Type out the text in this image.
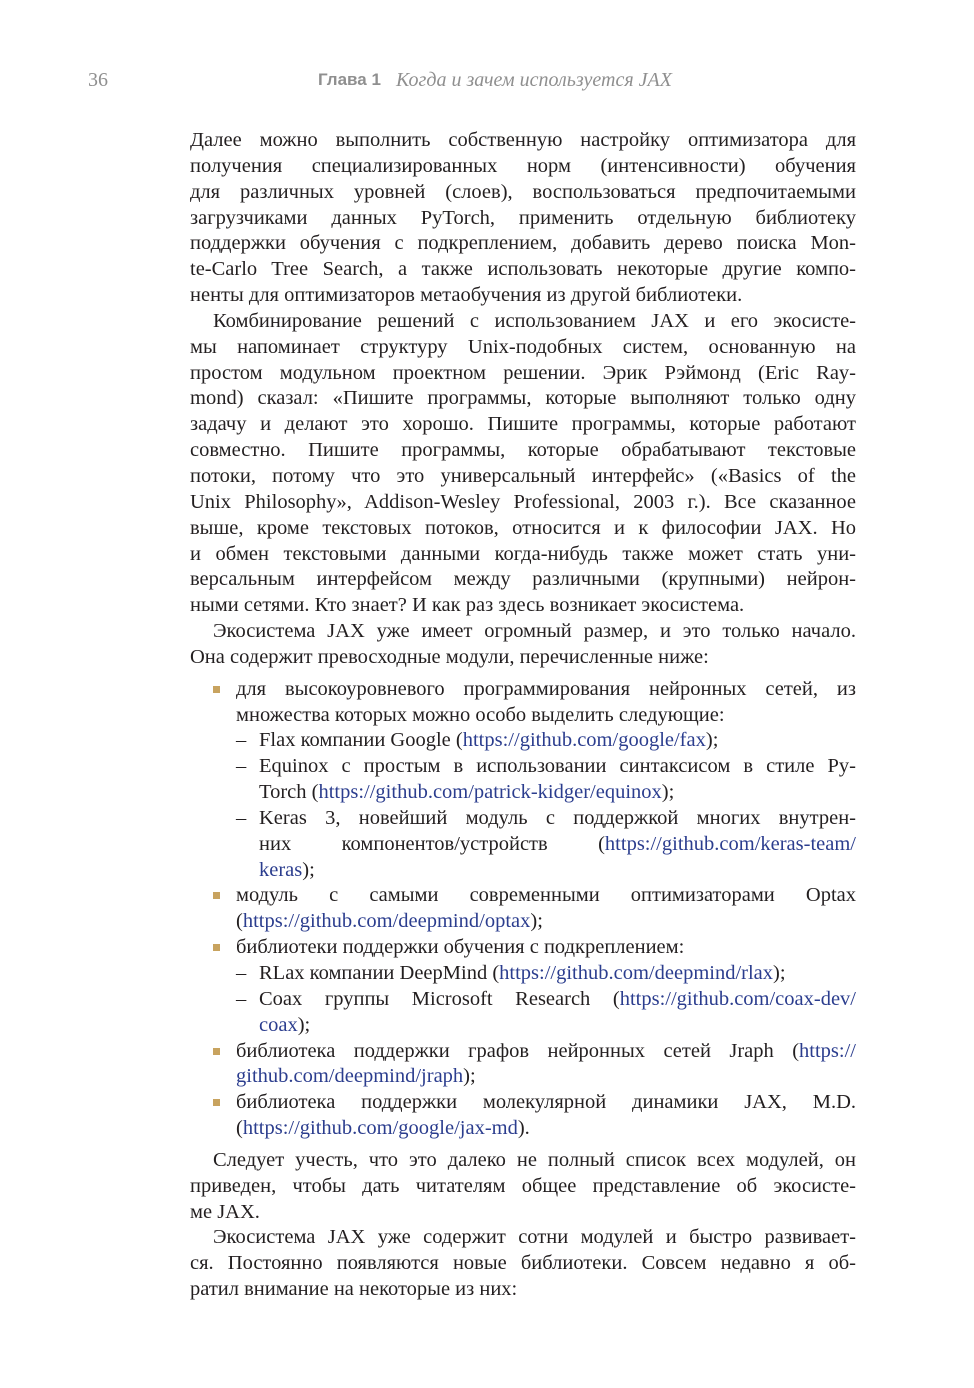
36	Глава 1 Когда и зачем используется JAX
Далее можно выполнить собственную настройку оптимизатора для
получения специализированных норм (интенсивности) обучения
для различных уровней (слоев), воспользоваться предпочитаемыми
загрузчиками данных PyTorch, применить отдельную библиотеку
поддержки обучения с подкреплением, добавить дерево поиска Mon-
te-Carlo Tree Search, а также использовать некоторые другие компо-
ненты для оптимизаторов метаобучения из другой библиотеки.
Комбинирование решений с использованием JAX и его экосисте-
мы напоминает структуру Unix-подобных систем, основанную на
простом модульном проектном решении. Эрик Рэймонд (Eric Ray-
mond) сказал: «Пишите программы, которые выполняют только одну
задачу и делают это хорошо. Пишите программы, которые работают
совместно. Пишите программы, которые обрабатывают текстовые
потоки, потому что это универсальный интерфейс» («Basics of the
Unix Philosophy», Addison-Wesley Professional, 2003 г.). Все сказанное
выше, кроме текстовых потоков, относится и к философии JAX. Но
и обмен текстовыми данными когда-нибудь также может стать уни-
версальным интерфейсом между различными (крупными) нейрон-
ными сетями. Кто знает? И как раз здесь возникает экосистема.
Экосистема JAX уже имеет огромный размер, и это только начало.
Она содержит превосходные модули, перечисленные ниже:
для высокоуровневого программирования нейронных сетей, из
множества которых можно особо выделить следующие:
– Flax компании Google (https://github.com/google/fax);
– Equinox с простым в использовании синтаксисом в стиле Py-
Torch (https://github.com/patrick-kidger/equinox);
– Keras 3, новейший модуль с поддержкой многих внутрен-
них компонентов/устройств (https://github.com/keras-team/
keras);
модуль с самыми современными оптимизаторами Optax
(https://github.com/deepmind/optax);
библиотеки поддержки обучения с подкреплением:
– RLax компании DeepMind (https://github.com/deepmind/rlax);
– Coax группы Microsoft Research (https://github.com/coax-dev/
coax);
библиотека поддержки графов нейронных сетей Jraph (https://
github.com/deepmind/jraph);
библиотека поддержки молекулярной динамики JAX, M.D.
(https://github.com/google/jax-md).
Следует учесть, что это далеко не полный список всех модулей, он
приведен, чтобы дать читателям общее представление об экосисте-
ме JAX.
Экосистема JAX уже содержит сотни модулей и быстро развивает-
ся. Постоянно появляются новые библиотеки. Совсем недавно я об-
ратил внимание на некоторые из них:
